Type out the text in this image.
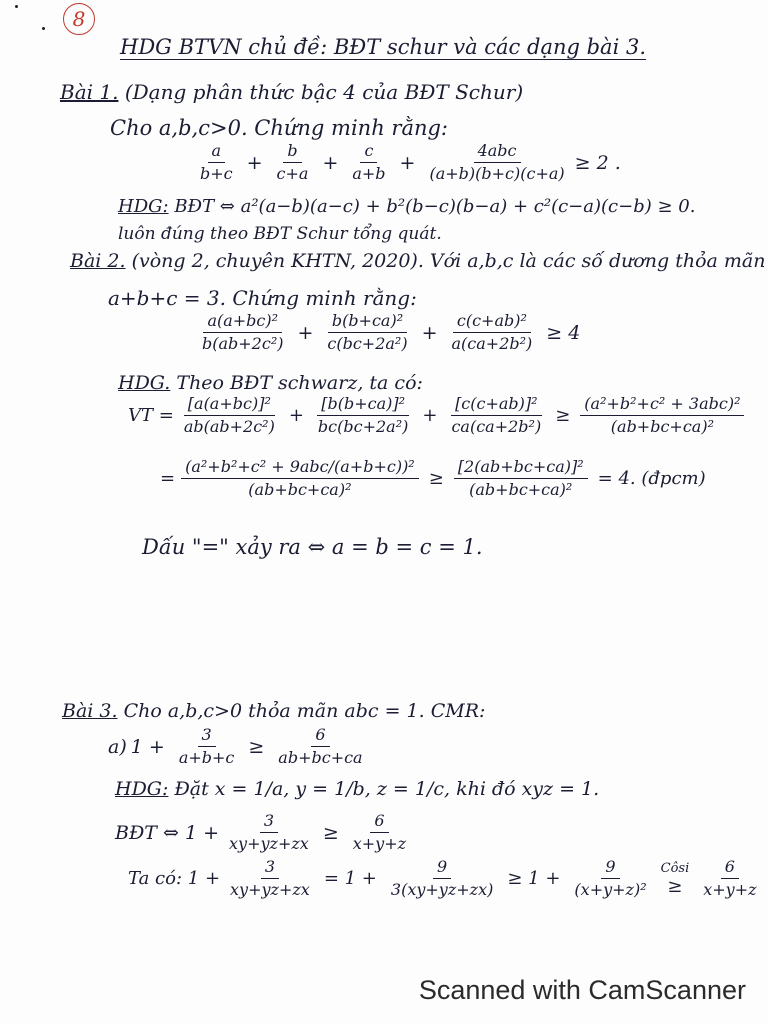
8
HDG BTVN chủ đề: BĐT schur và các dạng bài 3.
Bài 1. (Dạng phân thức bậc 4 của BĐT Schur)
Cho a,b,c>0. Chứng minh rằng:
$\frac{a}{b+c} + \frac{b}{c+a} + \frac{c}{a+b} + \frac{\text{4abc}}{(a+b)(b+c)(c+a)} \ge 2$ .
HDG: BĐT ⇔ a²(a−b)(a−c) + b²(b−c)(b−a) + c²(c−a)(c−b) ≥ 0.
luôn đúng theo BĐT Schur tổng quát.
Bài 2. (vòng 2, chuyên KHTN, 2020). Với a,b,c là các số dương thỏa mãn
a+b+c = 3. Chứng minh rằng:
$\frac{\text{a(a+bc)²}}{\text{b(ab+2c²)}} + \frac{\text{b(b+ca)²}}{\text{c(bc+2a²)}} + \frac{\text{c(c+ab)²}}{\text{a(ca+2b²)}} \ge 4$
HDG. Theo BĐT schwarz, ta có:
VT = $\frac{\text{[a(a+bc)]²}}{\text{ab(ab+2c²)}} + \frac{\text{[b(b+ca)]²}}{\text{bc(bc+2a²)}} + \frac{\text{[c(c+ab)]²}}{\text{ca(ca+2b²)}} \ge \frac{\text{(a²+b²+c² + 3abc)²}}{\text{(ab+bc+ca)²}}$
= $\frac{\text{(a²+b²+c² + 9abc/(a+b+c))²}}{\text{(ab+bc+ca)²}} \ge \frac{\text{[2(ab+bc+ca)]²}}{\text{(ab+bc+ca)²}} = 4$. (đpcm)
Dấu "=" xảy ra ⇔ a = b = c = 1.
Bài 3. Cho a,b,c>0 thỏa mãn abc = 1. CMR:
a) $1 + \frac{3}{a+b+c} \ge \frac{6}{ab+bc+ca}$
HDG: Đặt x = 1/a, y = 1/b, z = 1/c, khi đó xyz = 1.
BĐT ⇔ $1 + \frac{3}{xy+yz+zx} \ge \frac{6}{x+y+z}$
Ta có: $1 + \frac{3}{xy+yz+zx} = 1 + \frac{9}{3(xy+yz+zx)} \ge 1 + \frac{9}{\text{(x+y+z)²}}$ Côsi
≥ $\frac{6}{x+y+z}$
Scanned with CamScanner
